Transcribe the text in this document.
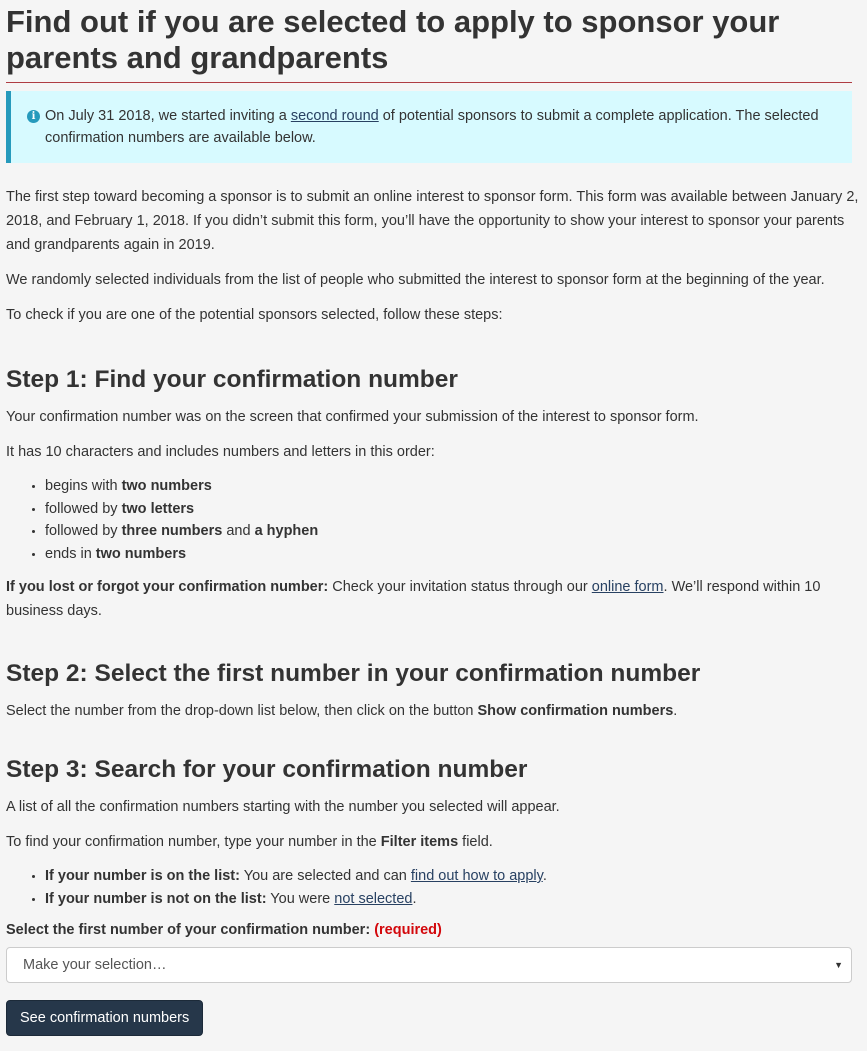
Find out if you are selected to apply to sponsor your parents and grandparents
i On July 31 2018, we started inviting a second round of potential sponsors to submit a complete application. The selected confirmation numbers are available below.

The first step toward becoming a sponsor is to submit an online interest to sponsor form. This form was available between January 2, 2018, and February 1, 2018. If you didn’t submit this form, you’ll have the opportunity to show your interest to sponsor your parents and grandparents again in 2019.

We randomly selected individuals from the list of people who submitted the interest to sponsor form at the beginning of the year.

To check if you are one of the potential sponsors selected, follow these steps:

Step 1: Find your confirmation number

Your confirmation number was on the screen that confirmed your submission of the interest to sponsor form.

It has 10 characters and includes numbers and letters in this order:

• begins with two numbers
• followed by two letters
• followed by three numbers and a hyphen
• ends in two numbers

If you lost or forgot your confirmation number: Check your invitation status through our online form. We’ll respond within 10 business days.

Step 2: Select the first number in your confirmation number

Select the number from the drop-down list below, then click on the button Show confirmation numbers.

Step 3: Search for your confirmation number

A list of all the confirmation numbers starting with the number you selected will appear.

To find your confirmation number, type your number in the Filter items field.

• If your number is on the list: You are selected and can find out how to apply.
• If your number is not on the list: You were not selected.
Select the first number of your confirmation number: (required)
Make your selection…	▼
See confirmation numbers
